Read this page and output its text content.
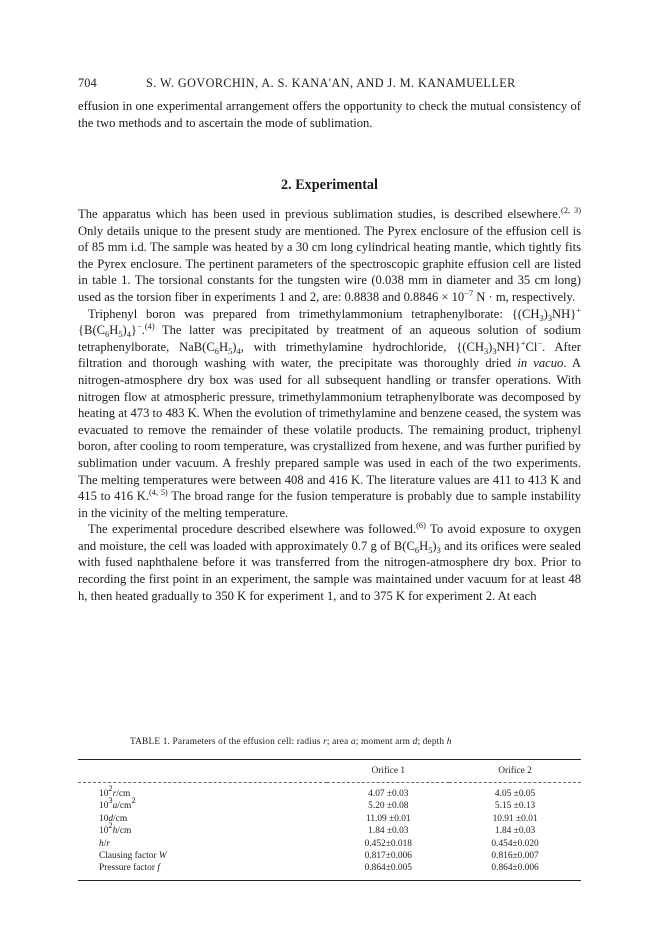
704	S. W. GOVORCHIN, A. S. KANA'AN, AND J. M. KANAMUELLER

effusion in one experimental arrangement offers the opportunity to check the mutual consistency of the two methods and to ascertain the mode of sublimation.

2. Experimental

The apparatus which has been used in previous sublimation studies, is described elsewhere.$^{(2, 3)}$ Only details unique to the present study are mentioned. The Pyrex enclosure of the effusion cell is of 85 mm i.d. The sample was heated by a 30 cm long cylindrical heating mantle, which tightly fits the Pyrex enclosure. The pertinent parameters of the spectroscopic graphite effusion cell are listed in table 1. The torsional constants for the tungsten wire (0.038 mm in diameter and 35 cm long) used as the torsion fiber in experiments 1 and 2, are: 0.8838 and $0.8846 \times 10^{-7}$ N · m, respectively.

Triphenyl boron was prepared from trimethylammonium tetraphenylborate: $\{(CH_3)_3NH\}^+\{B(C_6H_5)_4\}^-.^{(4)}$ The latter was precipitated by treatment of an aqueous solution of sodium tetraphenylborate, $NaB(C_6H_5)_4$, with trimethylamine hydrochloride, $\{(CH_3)_3NH\}^+Cl^-$. After filtration and thorough washing with water, the precipitate was thoroughly dried in vacuo. A nitrogen-atmosphere dry box was used for all subsequent handling or transfer operations. With nitrogen flow at atmospheric pressure, trimethylammonium tetraphenylborate was decomposed by heating at 473 to 483 K. When the evolution of trimethylamine and benzene ceased, the system was evacuated to remove the remainder of these volatile products. The remaining product, triphenyl boron, after cooling to room temperature, was crystallized from hexene, and was further purified by sublimation under vacuum. A freshly prepared sample was used in each of the two experiments. The melting temperatures were between 408 and 416 K. The literature values are 411 to 413 K and 415 to 416 K.$^{(4, 5)}$ The broad range for the fusion temperature is probably due to sample instability in the vicinity of the melting temperature.

The experimental procedure described elsewhere was followed.$^{(6)}$ To avoid exposure to oxygen and moisture, the cell was loaded with approximately 0.7 g of $B(C_6H_5)_3$ and its orifices were sealed with fused naphthalene before it was transferred from the nitrogen-atmosphere dry box. Prior to recording the first point in an experiment, the sample was maintained under vacuum for at least 48 h, then heated gradually to 350 K for experiment 1, and to 375 K for experiment 2. At each

TABLE 1. Parameters of the effusion cell: radius r; area a; moment arm d; depth h
	Orifice 1	Orifice 2
$10^2r/cm$	4.07 ±0.03	4.05 ±0.05
$10^3a/cm^2$	5.20 ±0.08	5.15 ±0.13
10d/cm	11.09 ±0.01	10.91 ±0.01
$10^2h/cm$	1.84 ±0.03	1.84 ±0.03
h/r	0.452±0.018	0.454±0.020
Clausing factor W	0.817±0.006	0.816±0.007
Pressure factor f	0.864±0.005	0.864±0.006
